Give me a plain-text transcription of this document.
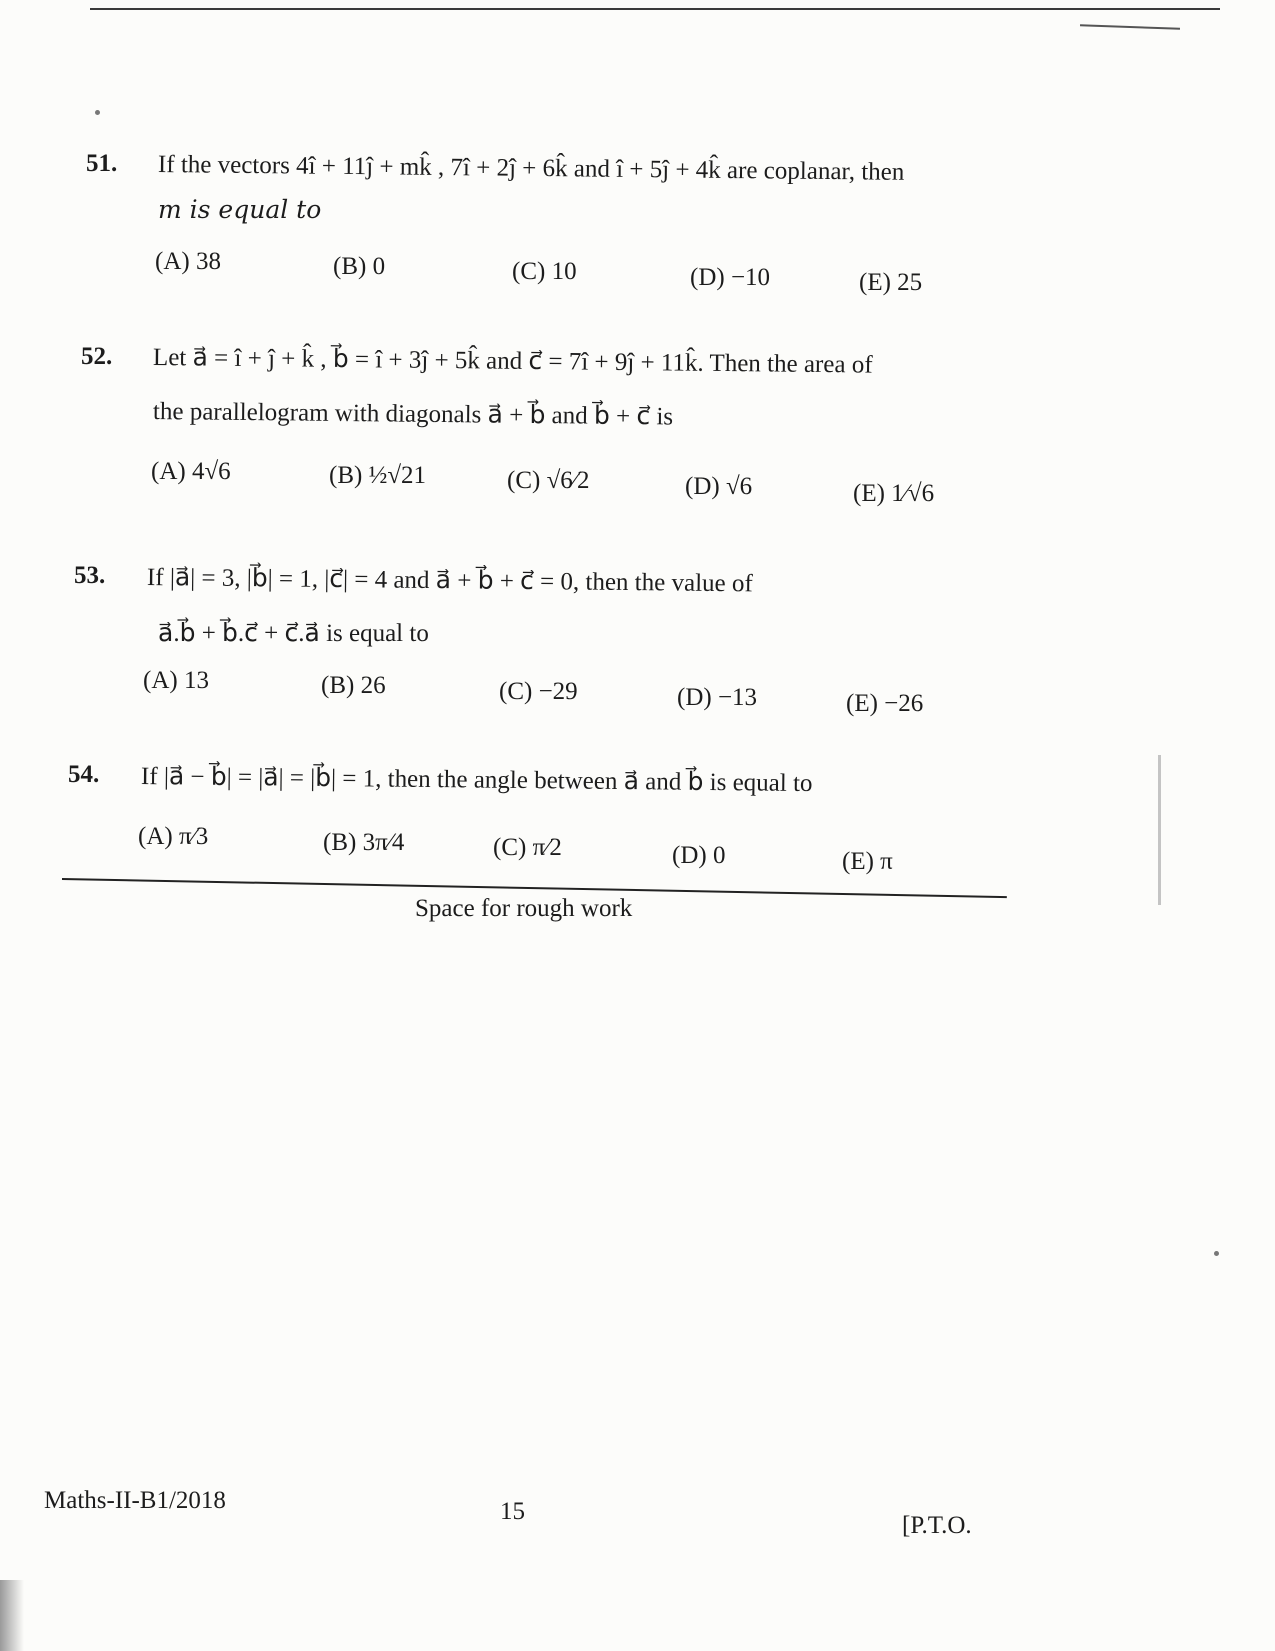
51. If the vectors 4î + 11ĵ + mk̂ , 7î + 2ĵ + 6k̂ and î + 5ĵ + 4k̂ are coplanar, then
m is equal to
(A) 38	(B) 0	(C) 10	(D) −10	(E) 25
52. Let a⃗ = î + ĵ + k̂ , b⃗ = î + 3ĵ + 5k̂ and c⃗ = 7î + 9ĵ + 11k̂. Then the area of
the parallelogram with diagonals a⃗ + b⃗ and b⃗ + c⃗ is
(A) 4√6	(B) ½√21	(C) √6⁄2	(D) √6	(E) 1⁄√6
53. If |a⃗| = 3, |b⃗| = 1, |c⃗| = 4 and a⃗ + b⃗ + c⃗ = 0, then the value of
a⃗.b⃗ + b⃗.c⃗ + c⃗.a⃗ is equal to
(A) 13	(B) 26	(C) −29	(D) −13	(E) −26
54. If |a⃗ − b⃗| = |a⃗| = |b⃗| = 1, then the angle between a⃗ and b⃗ is equal to
(A) π⁄3	(B) 3π⁄4	(C) π⁄2	(D) 0	(E) π
Space for rough work
Maths-II-B1/2018	15
[P.T.O.
